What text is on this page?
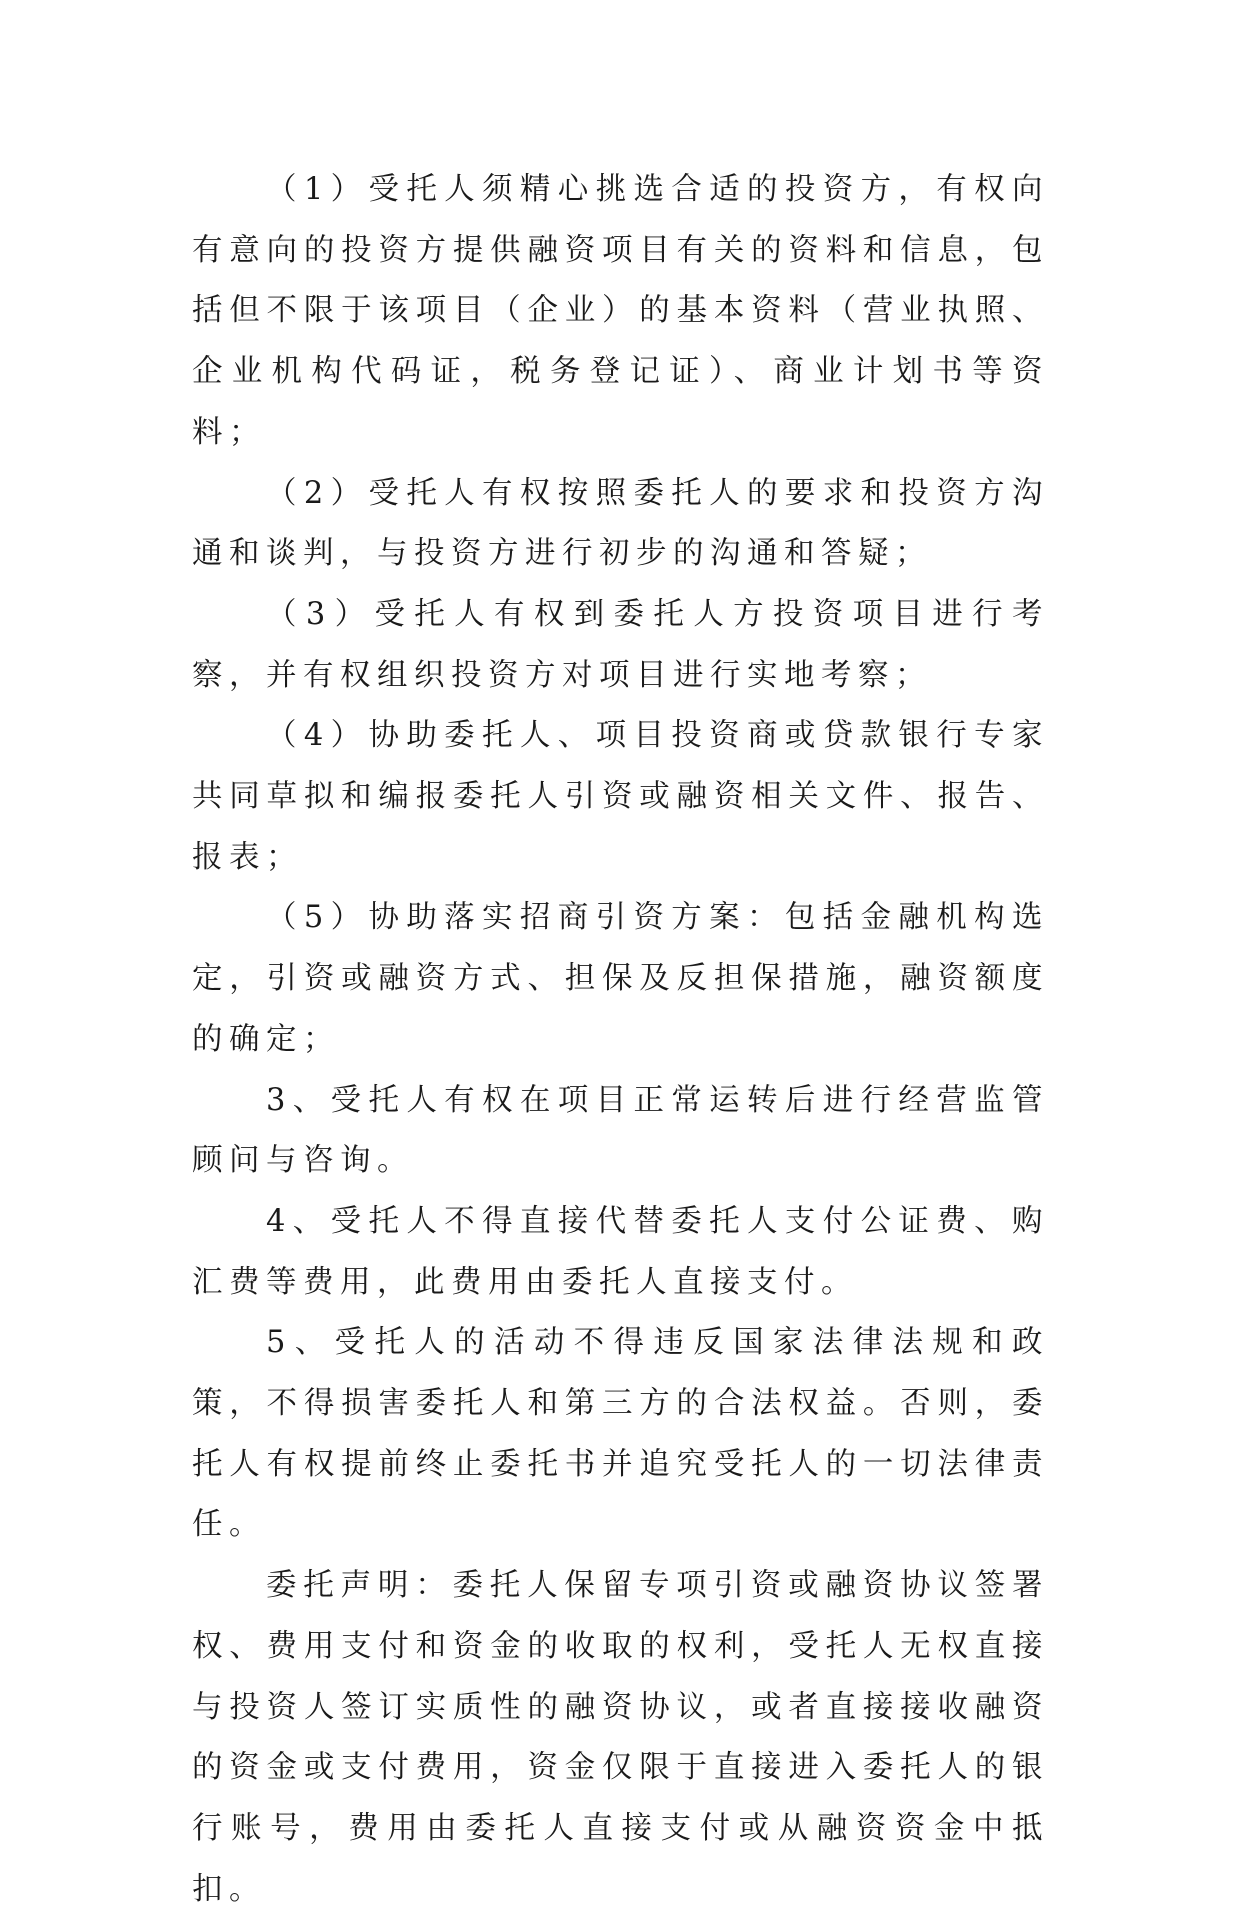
（1）受托人须精心挑选合适的投资方，有权向有意向的投资方提供融资项目有关的资料和信息，包括但不限于该项目（企业）的基本资料（营业执照、企业机构代码证，税务登记证）、商业计划书等资料；

（2）受托人有权按照委托人的要求和投资方沟通和谈判，与投资方进行初步的沟通和答疑；

（3）受托人有权到委托人方投资项目进行考察，并有权组织投资方对项目进行实地考察；

（4）协助委托人、项目投资商或贷款银行专家共同草拟和编报委托人引资或融资相关文件、报告、报表；

（5）协助落实招商引资方案：包括金融机构选定，引资或融资方式、担保及反担保措施，融资额度的确定；

3、受托人有权在项目正常运转后进行经营监管顾问与咨询。

4、受托人不得直接代替委托人支付公证费、购汇费等费用，此费用由委托人直接支付。

5、受托人的活动不得违反国家法律法规和政策，不得损害委托人和第三方的合法权益。否则，委托人有权提前终止委托书并追究受托人的一切法律责任。

委托声明：委托人保留专项引资或融资协议签署权、费用支付和资金的收取的权利，受托人无权直接与投资人签订实质性的融资协议，或者直接接收融资的资金或支付费用，资金仅限于直接进入委托人的银行账号，费用由委托人直接支付或从融资资金中抵扣。
